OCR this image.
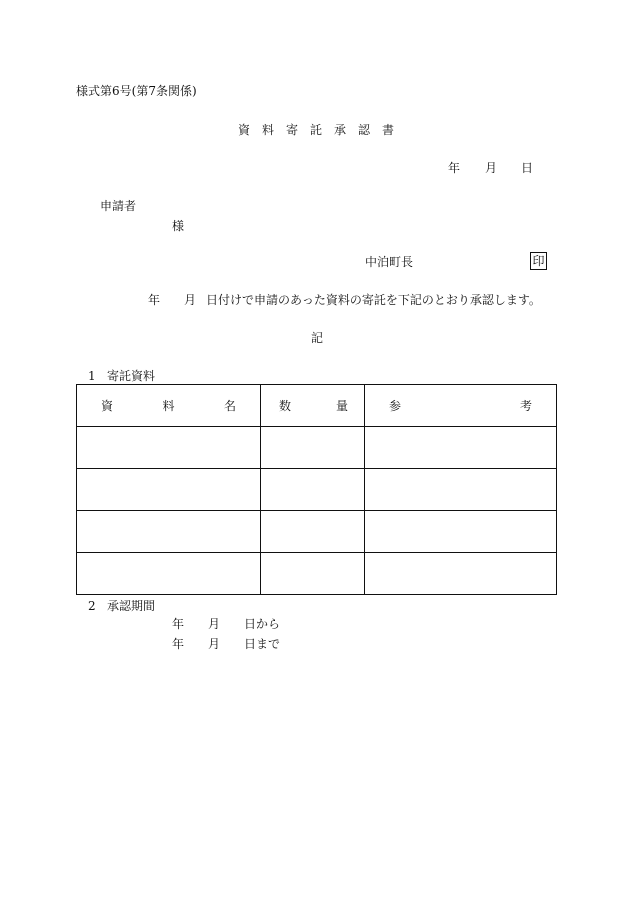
様式第6号(第7条関係)
資料寄託承認書
年 月 日
申請者
様
中泊町長	印
年 月 日付けで申請のあった資料の寄託を下記のとおり承認します。
記
1 寄託資料
資 料 名	数 量	参 考

2 承認期間
年 月 日から
年 月 日まで
